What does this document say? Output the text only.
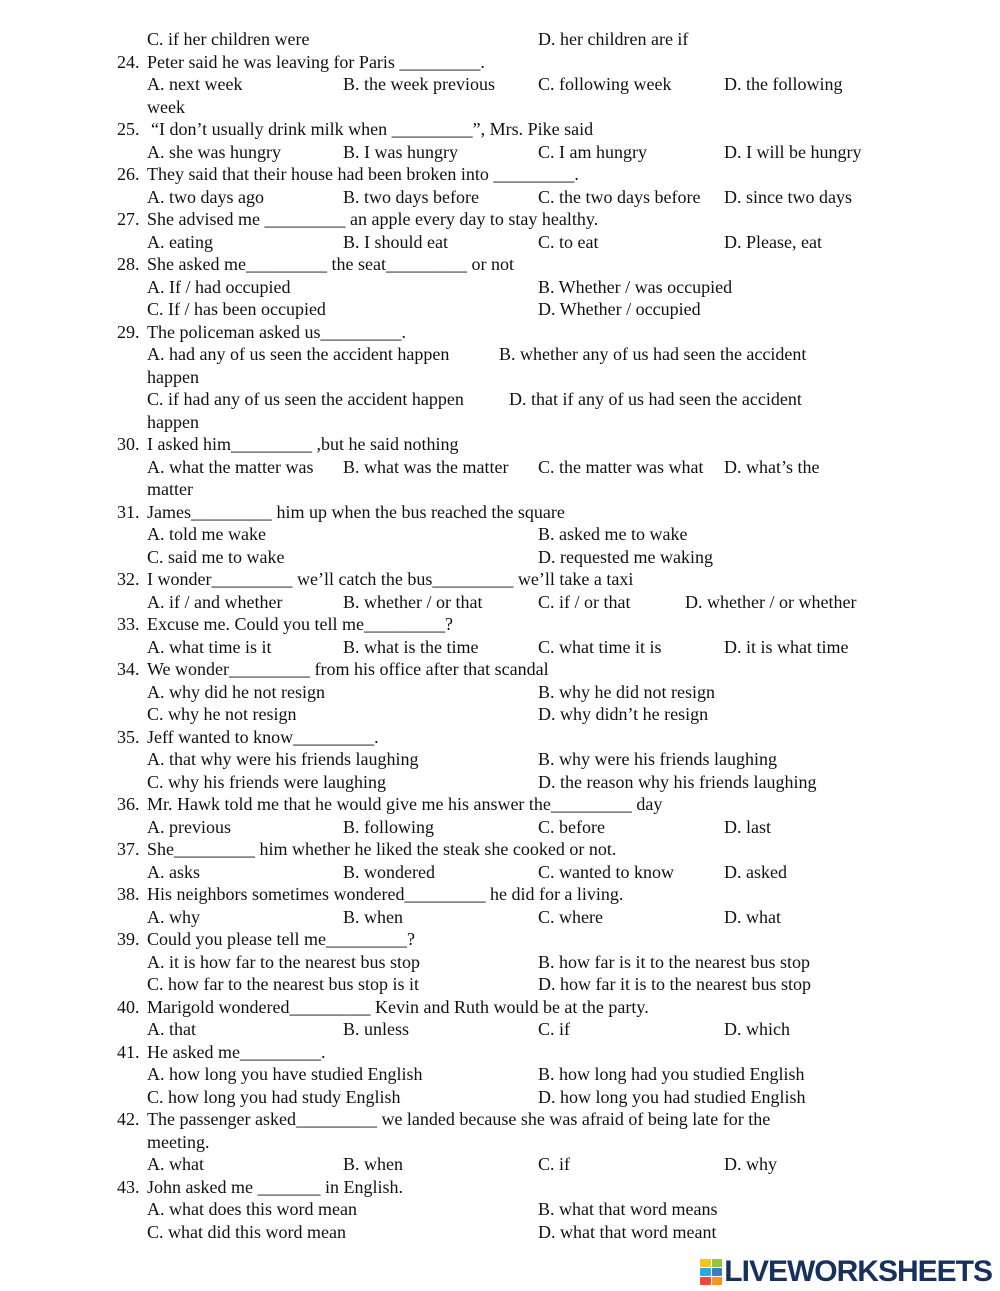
C. if her children were	D. her children are if
24. Peter said he was leaving for Paris _________.
A. next week	B. the week previous C. following week	D. the following
week
25. “I don’t usually drink milk when _________”, Mrs. Pike said
A. she was hungry	B. I was hungry	C. I am hungry	D. I will be hungry
26. They said that their house had been broken into _________.
A. two days ago	B. two days before	C. the two days before D. since two days
27. She advised me _________ an apple every day to stay healthy.
A. eating	B. I should eat	C. to eat	D. Please, eat
28. She asked me_________ the seat_________ or not
A. If / had occupied	B. Whether / was occupied
C. If / has been occupied	D. Whether / occupied
29. The policeman asked us_________.
A. had any of us seen the accident happen	B. whether any of us had seen the accident
happen
C. if had any of us seen the accident happen	D. that if any of us had seen the accident
happen
30. I asked him_________ ,but he said nothing
A. what the matter was B. what was the matter C. the matter was what D. what’s the
matter
31. James_________ him up when the bus reached the square
A. told me wake	B. asked me to wake
C. said me to wake	D. requested me waking
32. I wonder_________ we’ll catch the bus_________ we’ll take a taxi
A. if / and whether	B. whether / or that	C. if / or that	D. whether / or whether
33. Excuse me. Could you tell me_________?
A. what time is it	B. what is the time	C. what time it is	D. it is what time
34. We wonder_________ from his office after that scandal
A. why did he not resign	B. why he did not resign
C. why he not resign	D. why didn’t he resign
35. Jeff wanted to know_________.
A. that why were his friends laughing	B. why were his friends laughing
C. why his friends were laughing	D. the reason why his friends laughing
36. Mr. Hawk told me that he would give me his answer the_________ day
A. previous	B. following	C. before	D. last
37. She_________ him whether he liked the steak she cooked or not.
A. asks	B. wondered	C. wanted to know	D. asked
38. His neighbors sometimes wondered_________ he did for a living.
A. why	B. when	C. where	D. what
39. Could you please tell me_________?
A. it is how far to the nearest bus stop	B. how far is it to the nearest bus stop
C. how far to the nearest bus stop is it	D. how far it is to the nearest bus stop
40. Marigold wondered_________ Kevin and Ruth would be at the party.
A. that	B. unless	C. if	D. which
41. He asked me_________.
A. how long you have studied English	B. how long had you studied English
C. how long you had study English	D. how long you had studied English
42. The passenger asked_________ we landed because she was afraid of being late for the
meeting.
A. what	B. when	C. if	D. why
43. John asked me _______ in English.
A. what does this word mean	B. what that word means
C. what did this word mean	D. what that word meant
LIVEWORKSHEETS
